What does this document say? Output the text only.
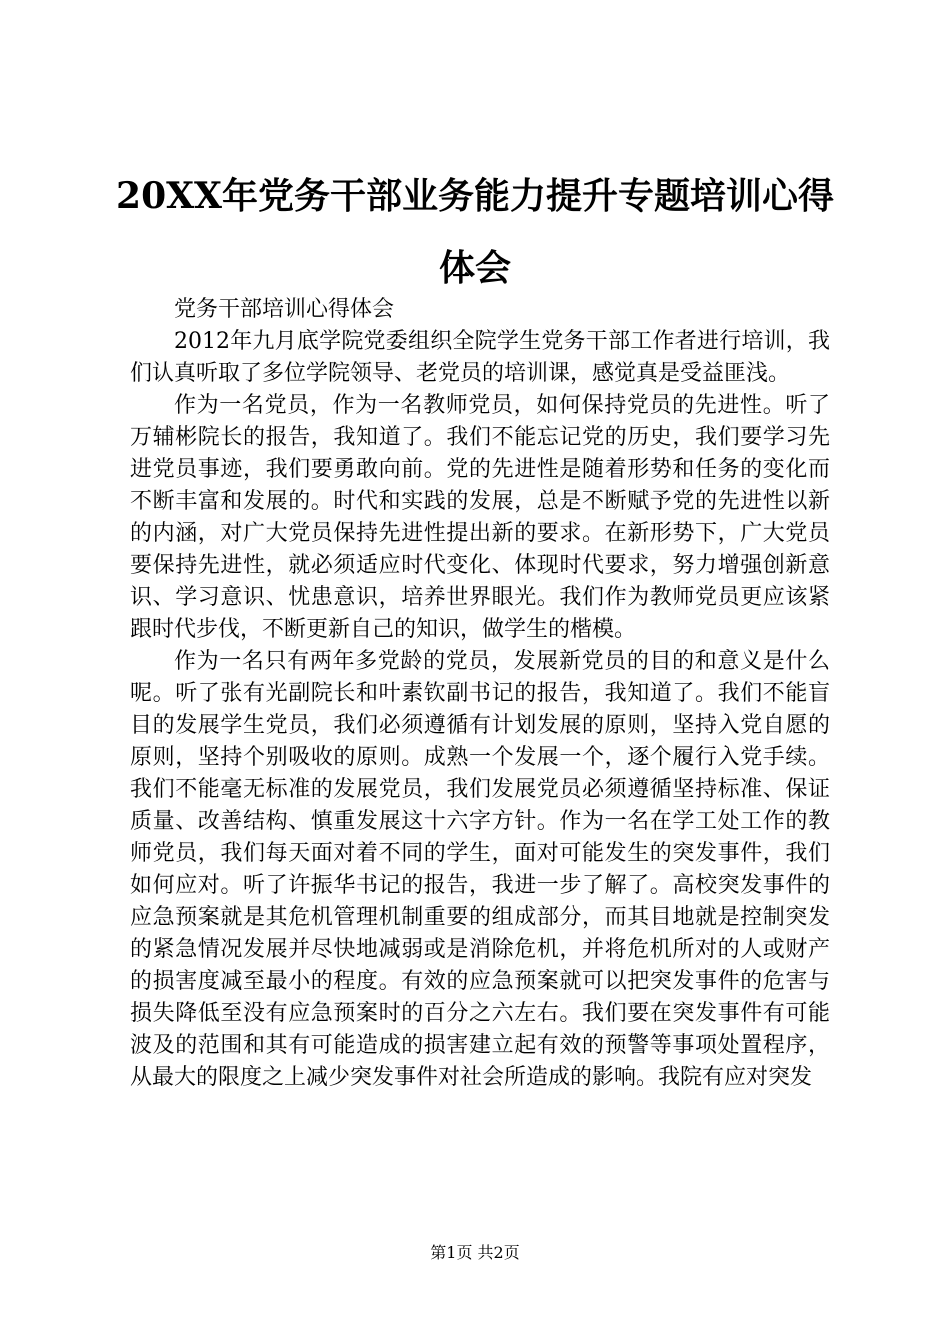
20XX年党务干部业务能力提升专题培训心得体会

党务干部培训心得体会

2012年九月底学院党委组织全院学生党务干部工作者进行培训，我们认真听取了多位学院领导、老党员的培训课，感觉真是受益匪浅。

作为一名党员，作为一名教师党员，如何保持党员的先进性。听了万辅彬院长的报告，我知道了。我们不能忘记党的历史，我们要学习先进党员事迹，我们要勇敢向前。党的先进性是随着形势和任务的变化而不断丰富和发展的。时代和实践的发展，总是不断赋予党的先进性以新的内涵，对广大党员保持先进性提出新的要求。在新形势下，广大党员要保持先进性，就必须适应时代变化、体现时代要求，努力增强创新意识、学习意识、忧患意识，培养世界眼光。我们作为教师党员更应该紧跟时代步伐，不断更新自己的知识，做学生的楷模。

作为一名只有两年多党龄的党员，发展新党员的目的和意义是什么呢。听了张有光副院长和叶素钦副书记的报告，我知道了。我们不能盲目的发展学生党员，我们必须遵循有计划发展的原则，坚持入党自愿的原则，坚持个别吸收的原则。成熟一个发展一个，逐个履行入党手续。我们不能毫无标准的发展党员，我们发展党员必须遵循坚持标准、保证质量、改善结构、慎重发展这十六字方针。作为一名在学工处工作的教师党员，我们每天面对着不同的学生，面对可能发生的突发事件，我们如何应对。听了许振华书记的报告，我进一步了解了。高校突发事件的应急预案就是其危机管理机制重要的组成部分，而其目地就是控制突发的紧急情况发展并尽快地减弱或是消除危机，并将危机所对的人或财产的损害度减至最小的程度。有效的应急预案就可以把突发事件的危害与损失降低至没有应急预案时的百分之六左右。我们要在突发事件有可能波及的范围和其有可能造成的损害建立起有效的预警等事项处置程序，从最大的限度之上减少突发事件对社会所造成的影响。我院有应对突发

第1页 共2页
